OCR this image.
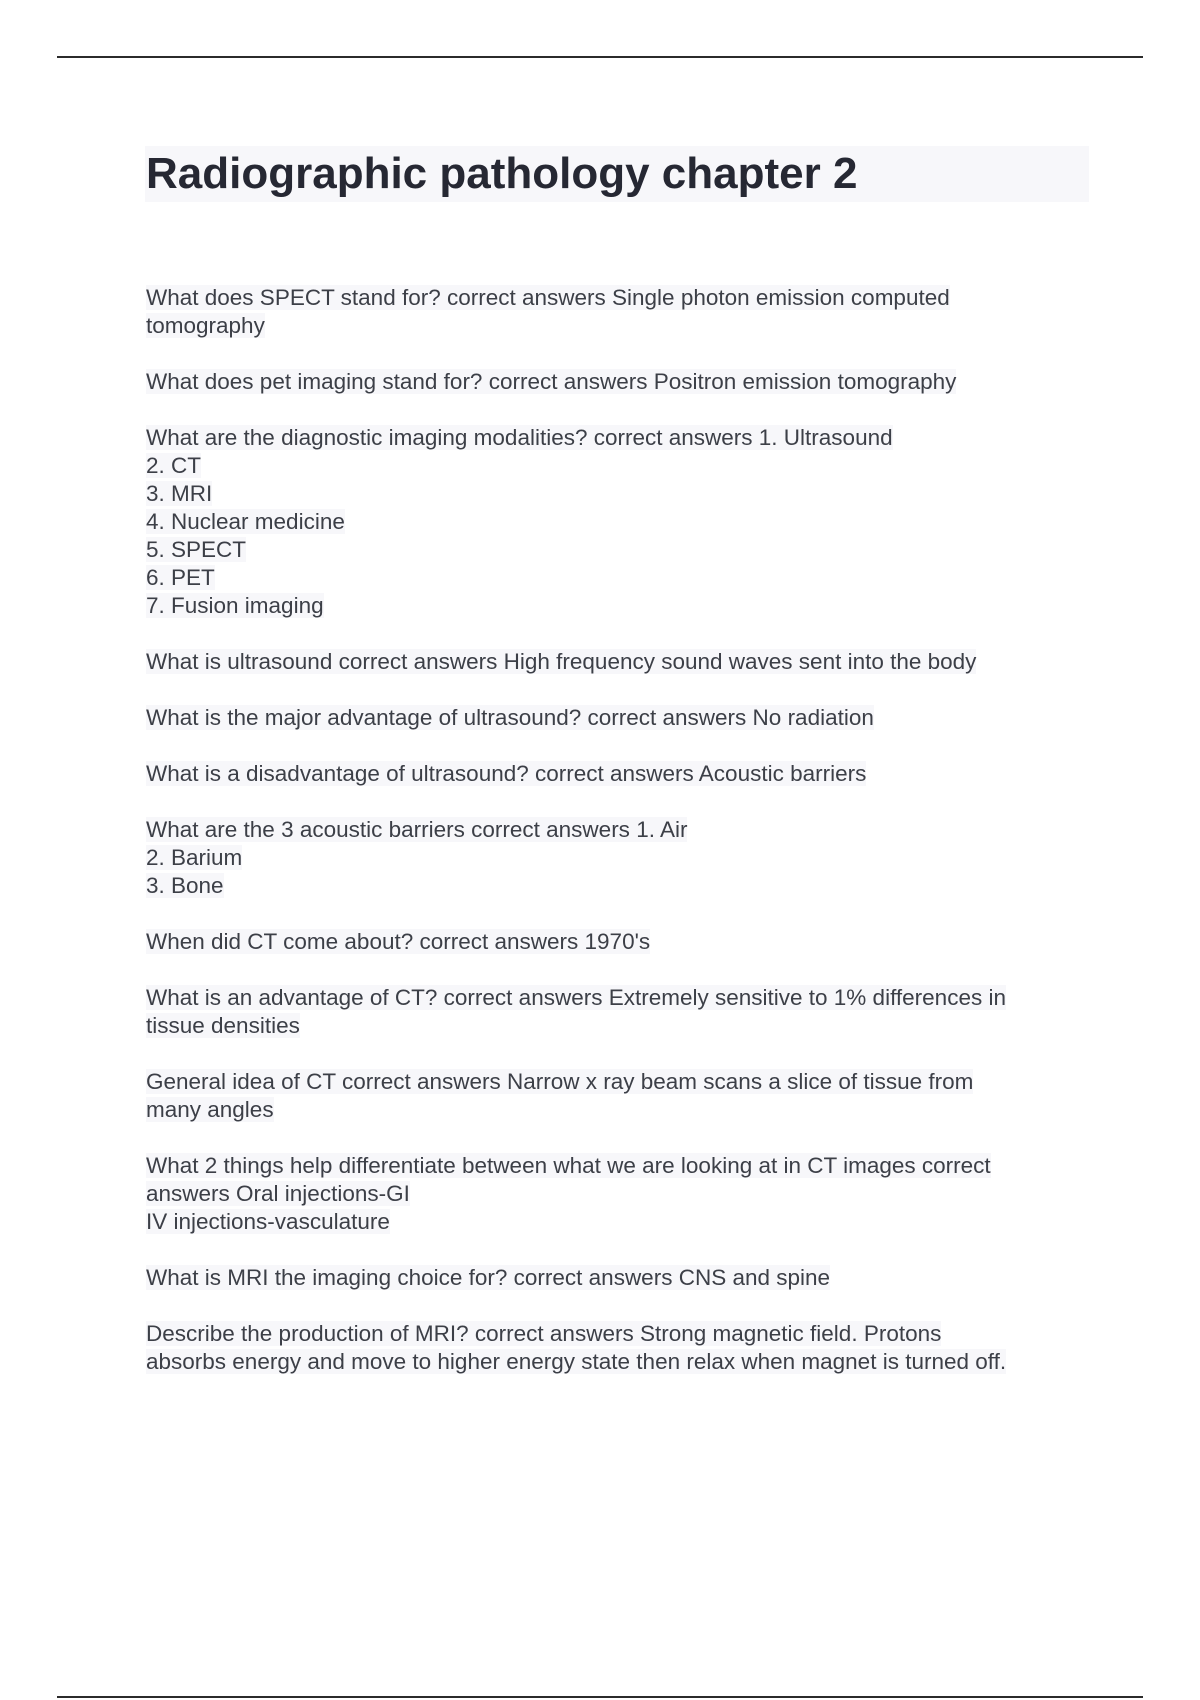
Radiographic pathology chapter 2
What does SPECT stand for? correct answers Single photon emission computed
tomography
What does pet imaging stand for? correct answers Positron emission tomography
What are the diagnostic imaging modalities? correct answers 1. Ultrasound
2. CT
3. MRI
4. Nuclear medicine
5. SPECT
6. PET
7. Fusion imaging
What is ultrasound correct answers High frequency sound waves sent into the body
What is the major advantage of ultrasound? correct answers No radiation
What is a disadvantage of ultrasound? correct answers Acoustic barriers
What are the 3 acoustic barriers correct answers 1. Air
2. Barium
3. Bone
When did CT come about? correct answers 1970's
What is an advantage of CT? correct answers Extremely sensitive to 1% differences in
tissue densities
General idea of CT correct answers Narrow x ray beam scans a slice of tissue from
many angles
What 2 things help differentiate between what we are looking at in CT images correct
answers Oral injections-GI
IV injections-vasculature
What is MRI the imaging choice for? correct answers CNS and spine
Describe the production of MRI? correct answers Strong magnetic field. Protons
absorbs energy and move to higher energy state then relax when magnet is turned off.
